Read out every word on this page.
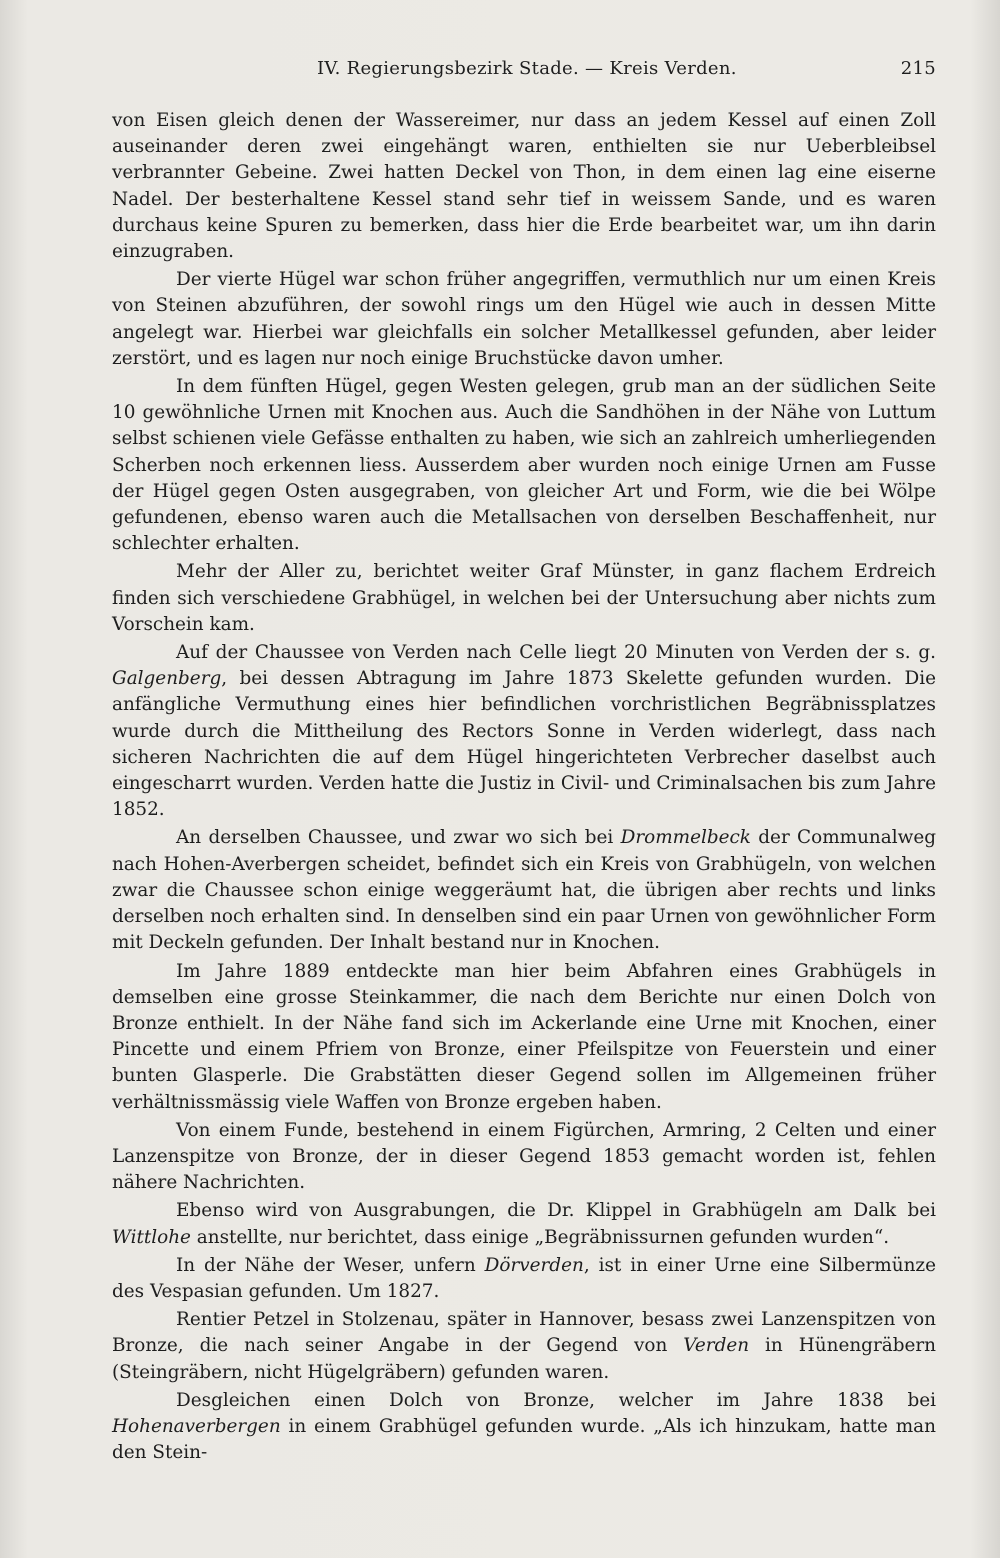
IV. Regierungsbezirk Stade. — Kreis Verden.	215

von Eisen gleich denen der Wassereimer, nur dass an jedem Kessel auf einen Zoll auseinander deren zwei eingehängt waren, enthielten sie nur Ueberbleibsel verbrannter Gebeine. Zwei hatten Deckel von Thon, in dem einen lag eine eiserne Nadel. Der besterhaltene Kessel stand sehr tief in weissem Sande, und es waren durchaus keine Spuren zu bemerken, dass hier die Erde bearbeitet war, um ihn darin einzugraben.

Der vierte Hügel war schon früher angegriffen, vermuthlich nur um einen Kreis von Steinen abzuführen, der sowohl rings um den Hügel wie auch in dessen Mitte angelegt war. Hierbei war gleichfalls ein solcher Metallkessel gefunden, aber leider zerstört, und es lagen nur noch einige Bruchstücke davon umher.

In dem fünften Hügel, gegen Westen gelegen, grub man an der südlichen Seite 10 gewöhnliche Urnen mit Knochen aus. Auch die Sandhöhen in der Nähe von Luttum selbst schienen viele Gefässe enthalten zu haben, wie sich an zahlreich umherliegenden Scherben noch erkennen liess. Ausserdem aber wurden noch einige Urnen am Fusse der Hügel gegen Osten ausgegraben, von gleicher Art und Form, wie die bei Wölpe gefundenen, ebenso waren auch die Metallsachen von derselben Beschaffenheit, nur schlechter erhalten.

Mehr der Aller zu, berichtet weiter Graf Münster, in ganz flachem Erdreich finden sich verschiedene Grabhügel, in welchen bei der Untersuchung aber nichts zum Vorschein kam.

Auf der Chaussee von Verden nach Celle liegt 20 Minuten von Verden der s. g. Galgenberg, bei dessen Abtragung im Jahre 1873 Skelette gefunden wurden. Die anfängliche Vermuthung eines hier befindlichen vorchristlichen Begräbnissplatzes wurde durch die Mittheilung des Rectors Sonne in Verden widerlegt, dass nach sicheren Nachrichten die auf dem Hügel hingerichteten Verbrecher daselbst auch eingescharrt wurden. Verden hatte die Justiz in Civil- und Criminalsachen bis zum Jahre 1852.

An derselben Chaussee, und zwar wo sich bei Drommelbeck der Communalweg nach Hohen-Averbergen scheidet, befindet sich ein Kreis von Grabhügeln, von welchen zwar die Chaussee schon einige weggeräumt hat, die übrigen aber rechts und links derselben noch erhalten sind. In denselben sind ein paar Urnen von gewöhnlicher Form mit Deckeln gefunden. Der Inhalt bestand nur in Knochen.

Im Jahre 1889 entdeckte man hier beim Abfahren eines Grabhügels in demselben eine grosse Steinkammer, die nach dem Berichte nur einen Dolch von Bronze enthielt. In der Nähe fand sich im Ackerlande eine Urne mit Knochen, einer Pincette und einem Pfriem von Bronze, einer Pfeilspitze von Feuerstein und einer bunten Glasperle. Die Grabstätten dieser Gegend sollen im Allgemeinen früher verhältnissmässig viele Waffen von Bronze ergeben haben.

Von einem Funde, bestehend in einem Figürchen, Armring, 2 Celten und einer Lanzenspitze von Bronze, der in dieser Gegend 1853 gemacht worden ist, fehlen nähere Nachrichten.

Ebenso wird von Ausgrabungen, die Dr. Klippel in Grabhügeln am Dalk bei Wittlohe anstellte, nur berichtet, dass einige „Begräbnissurnen gefunden wurden“.

In der Nähe der Weser, unfern Dörverden, ist in einer Urne eine Silbermünze des Vespasian gefunden. Um 1827.

Rentier Petzel in Stolzenau, später in Hannover, besass zwei Lanzenspitzen von Bronze, die nach seiner Angabe in der Gegend von Verden in Hünengräbern (Steingräbern, nicht Hügelgräbern) gefunden waren.

Desgleichen einen Dolch von Bronze, welcher im Jahre 1838 bei Hohenaverbergen in einem Grabhügel gefunden wurde. „Als ich hinzukam, hatte man den Stein-
